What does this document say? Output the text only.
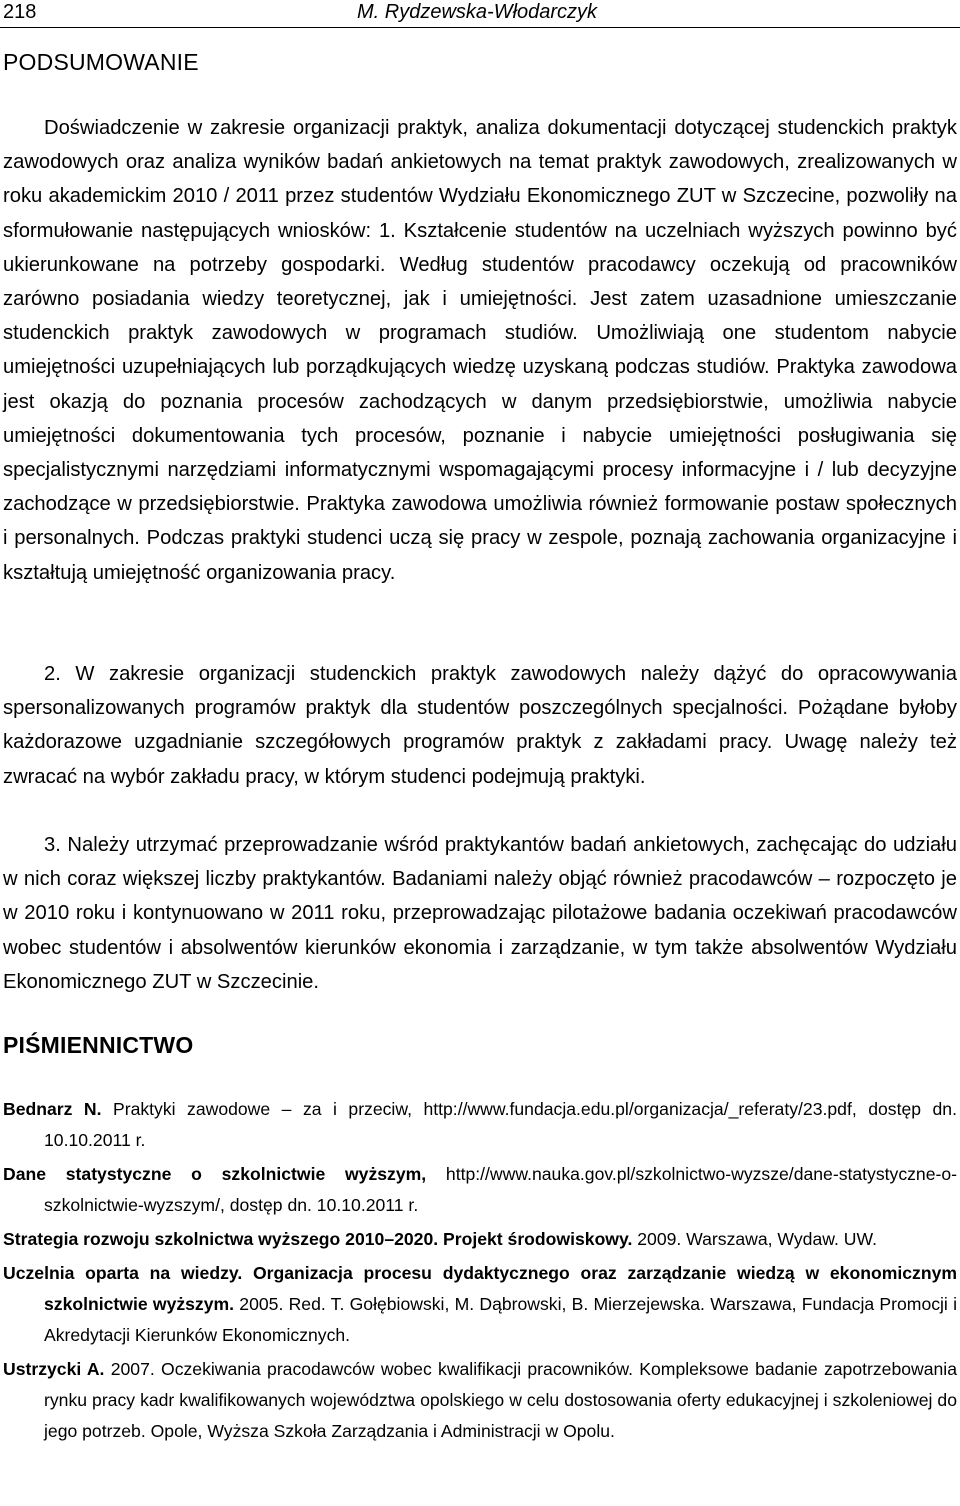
218	M. Rydzewska-Włodarczyk
PODSUMOWANIE

Doświadczenie w zakresie organizacji praktyk, analiza dokumentacji dotyczącej studenckich praktyk zawodowych oraz analiza wyników badań ankietowych na temat praktyk zawodowych, zrealizowanych w roku akademickim 2010 / 2011 przez studentów Wydziału Ekonomicznego ZUT w Szczecine, pozwoliły na sformułowanie następujących wniosków: 1. Kształcenie studentów na uczelniach wyższych powinno być ukierunkowane na potrzeby gospodarki. Według studentów pracodawcy oczekują od pracowników zarówno posiadania wiedzy teoretycznej, jak i umiejętności. Jest zatem uzasadnione umieszczanie studenckich praktyk zawodowych w programach studiów. Umożliwiają one studentom nabycie umiejętności uzupełniających lub porządkujących wiedzę uzyskaną podczas studiów. Praktyka zawodowa jest okazją do poznania procesów zachodzących w danym przedsiębiorstwie, umożliwia nabycie umiejętności dokumentowania tych procesów, poznanie i nabycie umiejętności posługiwania się specjalistycznymi narzędziami informatycznymi wspomagającymi procesy informacyjne i / lub decyzyjne zachodzące w przedsiębiorstwie. Praktyka zawodowa umożliwia również formowanie postaw społecznych i personalnych. Podczas praktyki studenci uczą się pracy w zespole, poznają zachowania organizacyjne i kształtują umiejętność organizowania pracy.

2. W zakresie organizacji studenckich praktyk zawodowych należy dążyć do opracowywania spersonalizowanych programów praktyk dla studentów poszczególnych specjalności. Pożądane byłoby każdorazowe uzgadnianie szczegółowych programów praktyk z zakładami pracy. Uwagę należy też zwracać na wybór zakładu pracy, w którym studenci podejmują praktyki.

3. Należy utrzymać przeprowadzanie wśród praktykantów badań ankietowych, zachęcając do udziału w nich coraz większej liczby praktykantów. Badaniami należy objąć również pracodawców – rozpoczęto je w 2010 roku i kontynuowano w 2011 roku, przeprowadzając pilotażowe badania oczekiwań pracodawców wobec studentów i absolwentów kierunków ekonomia i zarządzanie, w tym także absolwentów Wydziału Ekonomicznego ZUT w Szczecinie.

PIŚMIENNICTWO
Bednarz N. Praktyki zawodowe – za i przeciw, http://www.fundacja.edu.pl/organizacja/_referaty/23.pdf, dostęp dn. 10.10.2011 r.
Dane statystyczne o szkolnictwie wyższym, http://www.nauka.gov.pl/szkolnictwo-wyzsze/dane-statystyczne-o-szkolnictwie-wyzszym/, dostęp dn. 10.10.2011 r.
Strategia rozwoju szkolnictwa wyższego 2010–2020. Projekt środowiskowy. 2009. Warszawa, Wydaw. UW.
Uczelnia oparta na wiedzy. Organizacja procesu dydaktycznego oraz zarządzanie wiedzą w ekonomicznym szkolnictwie wyższym. 2005. Red. T. Gołębiowski, M. Dąbrowski, B. Mierzejewska. Warszawa, Fundacja Promocji i Akredytacji Kierunków Ekonomicznych.
Ustrzycki A. 2007. Oczekiwania pracodawców wobec kwalifikacji pracowników. Kompleksowe badanie zapotrzebowania rynku pracy kadr kwalifikowanych województwa opolskiego w celu dostosowania oferty edukacyjnej i szkoleniowej do jego potrzeb. Opole, Wyższa Szkoła Zarządzania i Administracji w Opolu.
